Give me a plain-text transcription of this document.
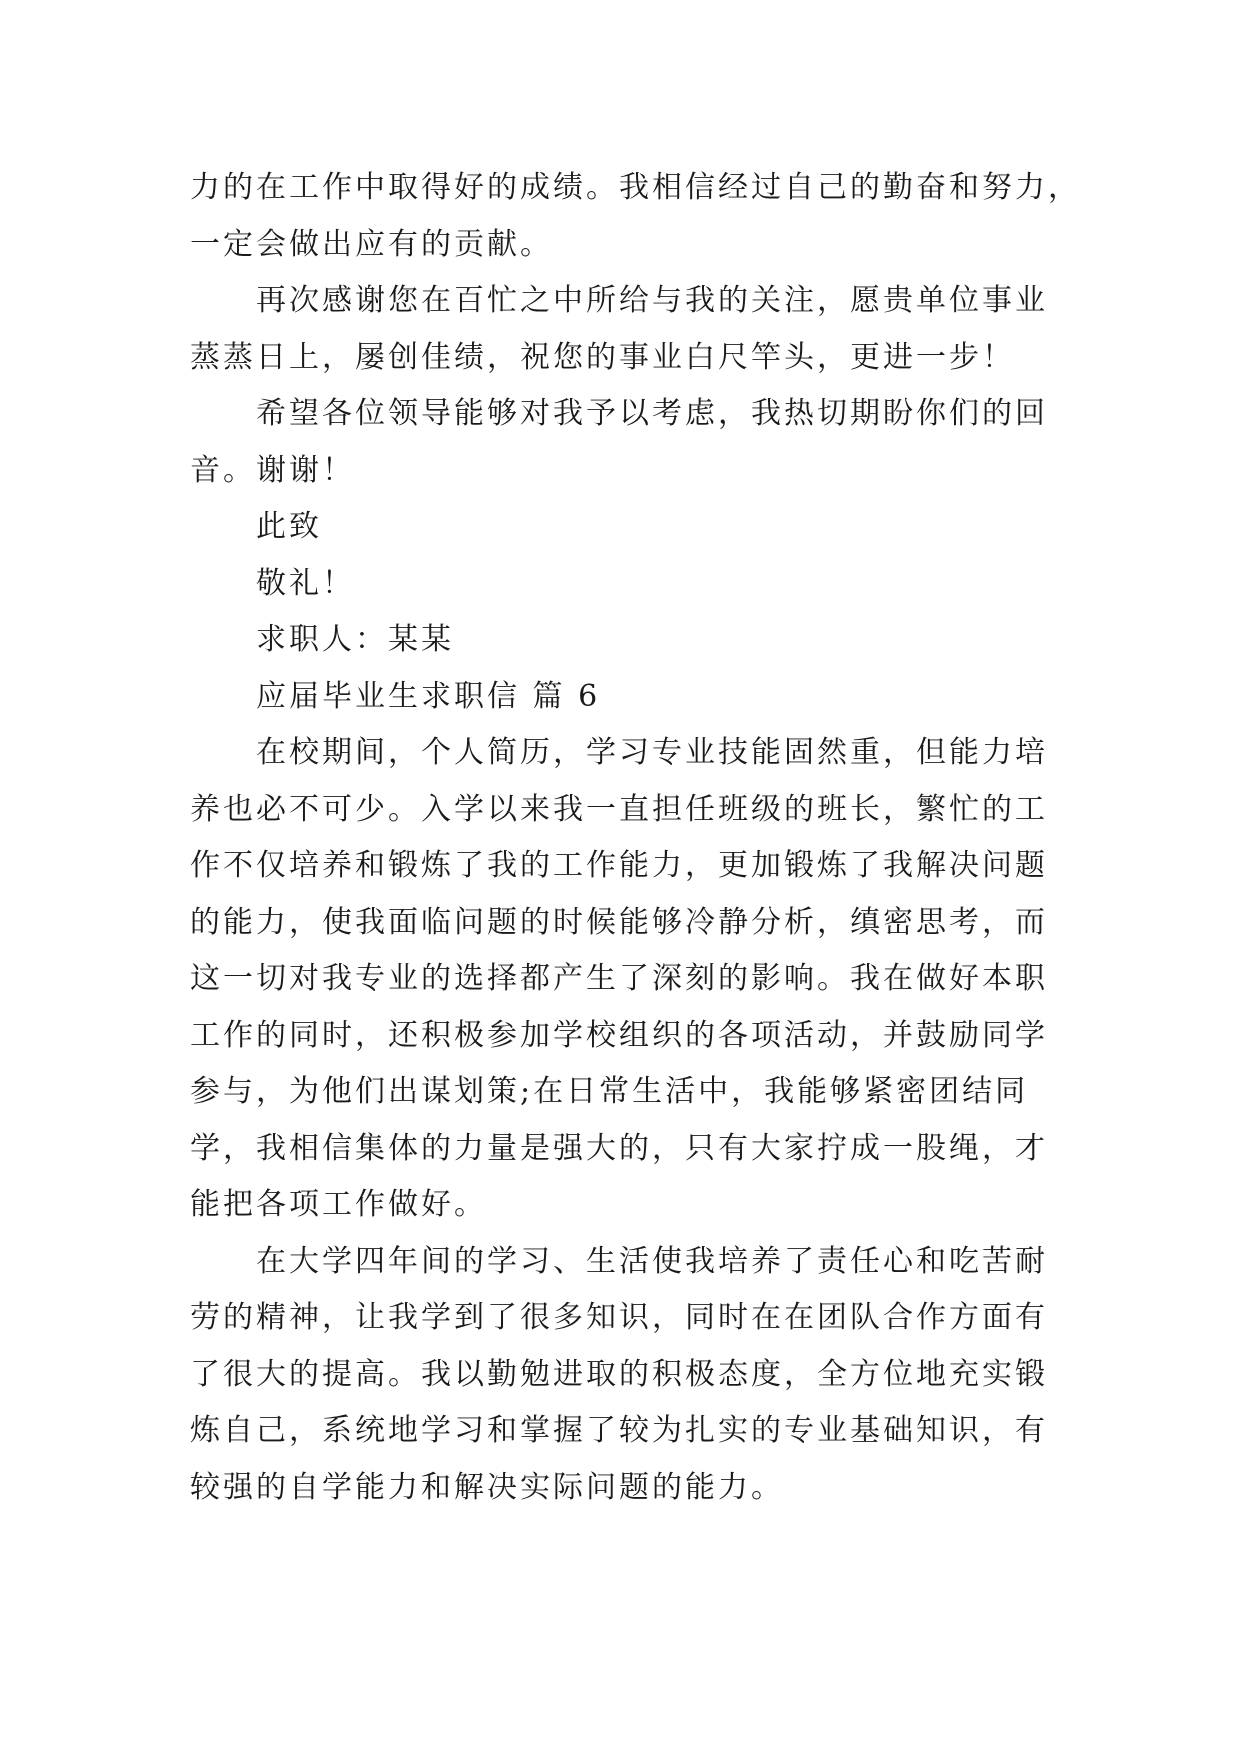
力的在工作中取得好的成绩。我相信经过自己的勤奋和努力，

一定会做出应有的贡献。

再次感谢您在百忙之中所给与我的关注，愿贵单位事业

蒸蒸日上，屡创佳绩，祝您的事业白尺竿头，更进一步！

希望各位领导能够对我予以考虑，我热切期盼你们的回

音。谢谢！

此致

敬礼！

求职人：某某

应届毕业生求职信 篇 6

在校期间，个人简历，学习专业技能固然重，但能力培

养也必不可少。入学以来我一直担任班级的班长，繁忙的工

作不仅培养和锻炼了我的工作能力，更加锻炼了我解决问题

的能力，使我面临问题的时候能够冷静分析，缜密思考，而

这一切对我专业的选择都产生了深刻的影响。我在做好本职

工作的同时，还积极参加学校组织的各项活动，并鼓励同学

参与，为他们出谋划策;在日常生活中，我能够紧密团结同

学，我相信集体的力量是强大的，只有大家拧成一股绳，才

能把各项工作做好。

在大学四年间的学习、生活使我培养了责任心和吃苦耐

劳的精神，让我学到了很多知识，同时在在团队合作方面有

了很大的提高。我以勤勉进取的积极态度，全方位地充实锻

炼自己，系统地学习和掌握了较为扎实的专业基础知识，有

较强的自学能力和解决实际问题的能力。
